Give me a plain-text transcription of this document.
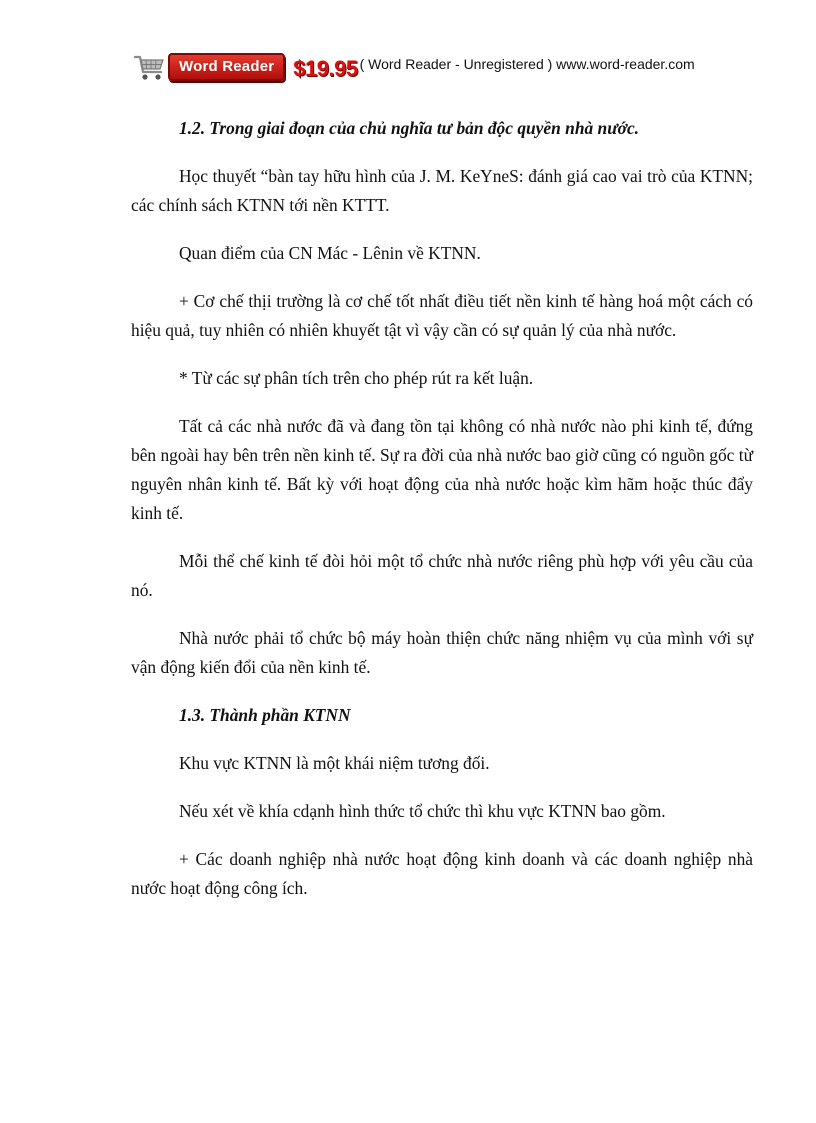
Word Reader $19.95 ( Word Reader - Unregistered ) www.word-reader.com

1.2. Trong giai đoạn của chủ nghĩa tư bản độc quyền nhà nước.

Học thuyết “bàn tay hữu hình của J. M. KeYneS: đánh giá cao vai trò của KTNN; các chính sách KTNN tới nền KTTT.

Quan điểm của CN Mác - Lênin về KTNN.

+ Cơ chế thịi trường là cơ chế tốt nhất điều tiết nền kinh tế hàng hoá một cách có hiệu quả, tuy nhiên có nhiên khuyết tật vì vậy cần có sự quản lý của nhà nước.

* Từ các sự phân tích trên cho phép rút ra kết luận.

Tất cả các nhà nước đã và đang tồn tại không có nhà nước nào phi kinh tế, đứng bên ngoài hay bên trên nền kinh tế. Sự ra đời của nhà nước bao giờ cũng có nguồn gốc từ nguyên nhân kinh tế. Bất kỳ với hoạt động của nhà nước hoặc kìm hãm hoặc thúc đẩy kinh tế.

Mỗi thể chế kinh tế đòi hỏi một tổ chức nhà nước riêng phù hợp với yêu cầu của nó.

Nhà nước phải tổ chức bộ máy hoàn thiện chức năng nhiệm vụ của mình với sự vận động kiến đổi của nền kinh tế.

1.3. Thành phần KTNN

Khu vực KTNN là một khái niệm tương đối.

Nếu xét về khía cdạnh hình thức tổ chức thì khu vực KTNN bao gồm.

+ Các doanh nghiệp nhà nước hoạt động kinh doanh và các doanh nghiệp nhà nước hoạt động công ích.
